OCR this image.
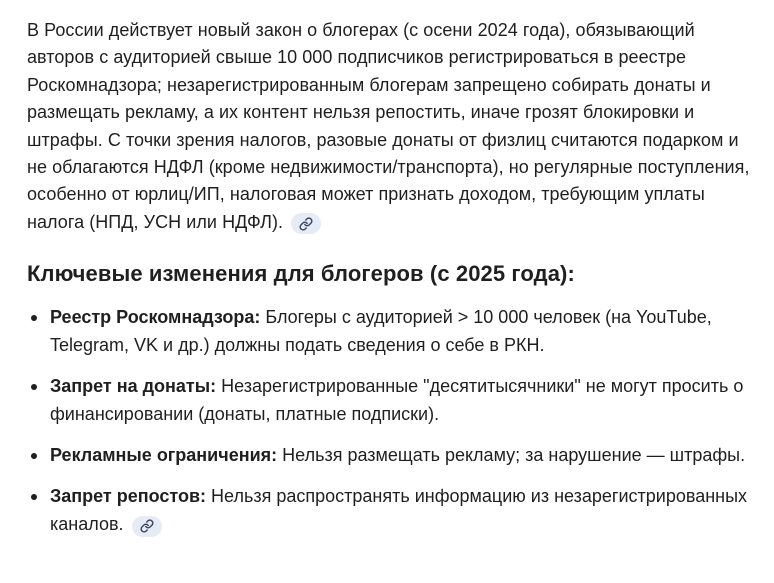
В России действует новый закон о блогерах (с осени 2024 года), обязывающий авторов с аудиторией свыше 10 000 подписчиков регистрироваться в реестре Роскомнадзора; незарегистрированным блогерам запрещено собирать донаты и размещать рекламу, а их контент нельзя репостить, иначе грозят блокировки и штрафы. С точки зрения налогов, разовые донаты от физлиц считаются подарком и не облагаются НДФЛ (кроме недвижимости/транспорта), но регулярные поступления, особенно от юрлиц/ИП, налоговая может признать доходом, требующим уплаты налога (НПД, УСН или НДФЛ).

Ключевые изменения для блогеров (с 2025 года):
Реестр Роскомнадзора: Блогеры с аудиторией > 10 000 человек (на YouTube, Telegram, VK и др.) должны подать сведения о себе в РКН.
Запрет на донаты: Незарегистрированные "десятитысячники" не могут просить о финансировании (донаты, платные подписки).
Рекламные ограничения: Нельзя размещать рекламу; за нарушение — штрафы.
Запрет репостов: Нельзя распространять информацию из незарегистрированных каналов.
